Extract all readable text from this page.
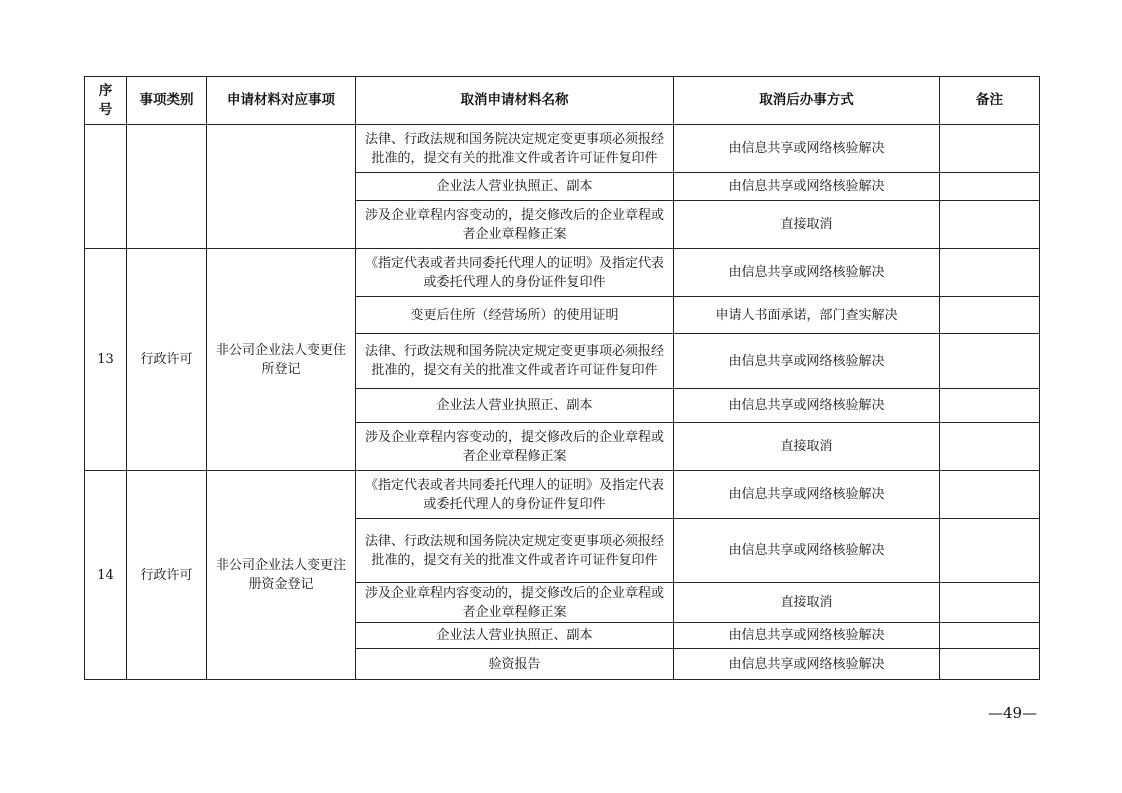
序
号	事项类别	申请材料对应事项	取消申请材料名称	取消后办事方式	备注
			法律、行政法规和国务院决定规定变更事项必须报经批准的，提交有关的批准文件或者许可证件复印件	由信息共享或网络核验解决	
			企业法人营业执照正、副本	由信息共享或网络核验解决	
			涉及企业章程内容变动的，提交修改后的企业章程或者企业章程修正案	直接取消	
13	行政许可	非公司企业法人变更住所登记	《指定代表或者共同委托代理人的证明》及指定代表或委托代理人的身份证件复印件	由信息共享或网络核验解决	
			变更后住所（经营场所）的使用证明	申请人书面承诺，部门查实解决	
			法律、行政法规和国务院决定规定变更事项必须报经批准的，提交有关的批准文件或者许可证件复印件	由信息共享或网络核验解决	
			企业法人营业执照正、副本	由信息共享或网络核验解决	
			涉及企业章程内容变动的，提交修改后的企业章程或者企业章程修正案	直接取消	
14	行政许可	非公司企业法人变更注册资金登记	《指定代表或者共同委托代理人的证明》及指定代表或委托代理人的身份证件复印件	由信息共享或网络核验解决	
			法律、行政法规和国务院决定规定变更事项必须报经批准的，提交有关的批准文件或者许可证件复印件	由信息共享或网络核验解决	
			涉及企业章程内容变动的，提交修改后的企业章程或者企业章程修正案	直接取消	
			企业法人营业执照正、副本	由信息共享或网络核验解决	
			验资报告	由信息共享或网络核验解决	
—49—
